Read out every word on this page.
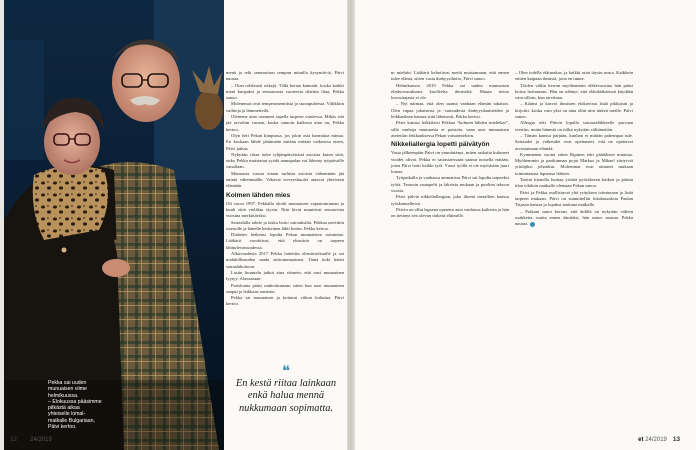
Pekka sai uuden

munuaisen viime

helmikuussa.

– Elokuussa pääsimme

pitkästä aikaa

yhteiselle lomal-

matkalle Bulgariaan,

Päivi kertoo.

menä ja teki semmoisen tempun minulla kysymät-tä, Päivi nauraa.

– Otan rohkeasti riskejä. Tällä kertaa kannatti, koska kaikki meni kuopaksi ja sentaavasta vuoteesta tilattiin iltaa, Pekka sanoo.

Molemmat ovat temperamenttisia ja suorapuheisia. Välikkiin vaihtoja ja lämmetteilä.

Oleneme aina osanneet tapella tarpeen vaatiessa. Mikäs sitä jää arvoihin varaan, koska samoin kaikesta aina on, Pekka kertoo.

Olyn heti Pekan kimpussa, jos jokin asia harmittaa minua. En koskaan lähde jättämään mitään mitään vaikeassa eteen, Päivi jatkaa.

Nykyään riitaa tulee tyhjänpäiväisistä asioista kuten siitä, onko Pekka muistanut syödä aamupalan vai lähteny työpäivälle vanallaan.

Munuasta vuosia ettaan turhista asioista vähemmän jää enintä vähemmälle. Vakavat terveyshuolet antavat yhteiseen elämään.

Kolmen lähden mies

Oli vuosi 1997. Pekkalla aloitti munuaisen vajaatoiminnan ja kuuli siitä vieläkin täysin. Niin kivut muuttivat seuraavina vuosina merkittäviksi.

Sairaalalla tahdo ja lasku hoito sairauksilta. Pekkaa tarvittiin osastolle ja hänelle keskeinen lähti kotiin. Pekka kertoo.

Diabetes heikensi lopulta Pekan munuaisten toimintaa. Lääkärit varoittivat, että elinsiirto on tarpeen lähitulevaisuudessa.

Alkuvuodesta 2017 Pekka laitettiin elinsiirtolistalle ja sai mahdollisuuden saada siirtomunuainen. Tämä koki hänet sairaalahoitoon.

Lasiin kuuntelu jatkui aina viimein, että uusi munuainen lyytyy. Alavaaraan.

Pariskunta pääsi rauhoittumaan sitten kun uusi munuainen saapui ja leikkaus onnistui.

Pekka sai munuaisen ja kotiutui viikon kuluttua. Päivi kertoo.

❝
En kestä riitaa lainkaan enkä halua mennä nukkumaan sopimatta.
12 et 24/2019

m miehiin. Lääkärit kehottivat meitä muistamaan, että ennen tulee elämä, sitten vasta diabyysihoito, Päivi sanoo.

Helmikuussa 2019 Pekka sai uuden munuaisen elinluovutuksena kuolleelta ihmiseltä. Muuta tietoa luovuttajasta ei ole.

– Nyt naimaa, että olen saanut vanhaan elämän takaisin. Olen vapaa jokaisesta ja -sairaudesta diabyysilaaitteiden ja leikkauksen kanssa siitä läheisesti, Pekka kertoo.

Päivi kutsuu leikkilaisi Pekkaa “kolmen lähden miehekai”, sillä vanhoja munuaisia ei poisteta, vaan uusi munuainen asetettiin leikkauksessa Pekan vatsaonteloon.

Nikkeliallergia lopetti päivätyön

Vasta jälkeenpäin Päivi on ymmärtänyt, miten raskaita kuluneet vuodet olivat. Pekka ei sairastaessaan saanut nostella mitään, joten Päivi hoiti kaikki työt. Vuosi työllä ei ole myöskään juuri lomaa.

Työpaikalla ja vanhassa ammatissa Päivi sai lopulta tarpeeksi työtä. Terassin rautapelti ja lakeista mukaan ja puolien tekoon vuosia.

Päivi pälviä nikkeliallergian, joka ilmeni metallien kanssa työskennellessä.

Päivin on ollut lapsena opetettu auta vanhassa kaikesta ja hän on tietänyt sen olevan tärkeää eläimille.

– Olen todella eläinrakas, ja kaikki asiat täysin uusia. Kaikkein eniten kaipaan ihmisiä, joita en tunne.

Töiden väliin kerran myöhemmin eläkevuosina hän pääsi koiria hoitamaan. Hän on nähnyt, että eläinlääkärissä käydään vain silloin, kun tarvitaan.

– Käänsi ja kasvoi ihmisten elokuvissa lisää pikkuisin ja kirjoitti, koska vain yksi on aina ollut niin tärkeä meille, Päivi sanoo.

Allergia teki Päivin lopulla sairauseläkkeelle parvaan viestiin, mutta hänestä on tullut nykyään välttämätön.

– Tämän kanssa pärjään, kunhan ei mitään pahempaa tule. Sairaudet ja vaikeudet ovat opettaneet, että ne opettavat arvostamaan elämää.

Kymmenen vuotta sitten Ripinen teki päätöksen muuttaa. Myöhemmin ja parikunnan pojat Markus ja Mikael siirtyivät yrittäjiksi johonkin. Molemmat ovat ottaneet mukaan toimintaansa lapsensa lähtien.

Tarttui hienolla luottaa yrittää pyöräkseen kaiken ja päästä tilaa vihdoin matkalle olemaan Pekan sanoo.

Päivi ja Pekka osallistuvat yhä yrityksen toimintaan ja lisää tarpeen mukaan. Päivi on suunnitellut lokalausuksia Paulan Tripsan kanssa ja lopuksi mukana matkalle.

– Poikani sanoi kerran, että äidillä on nykyään väliten osakkeita, mutta ennen äänitäisi, hän sanoo naurua. Pekka nauraa.

et 24/2019 13
